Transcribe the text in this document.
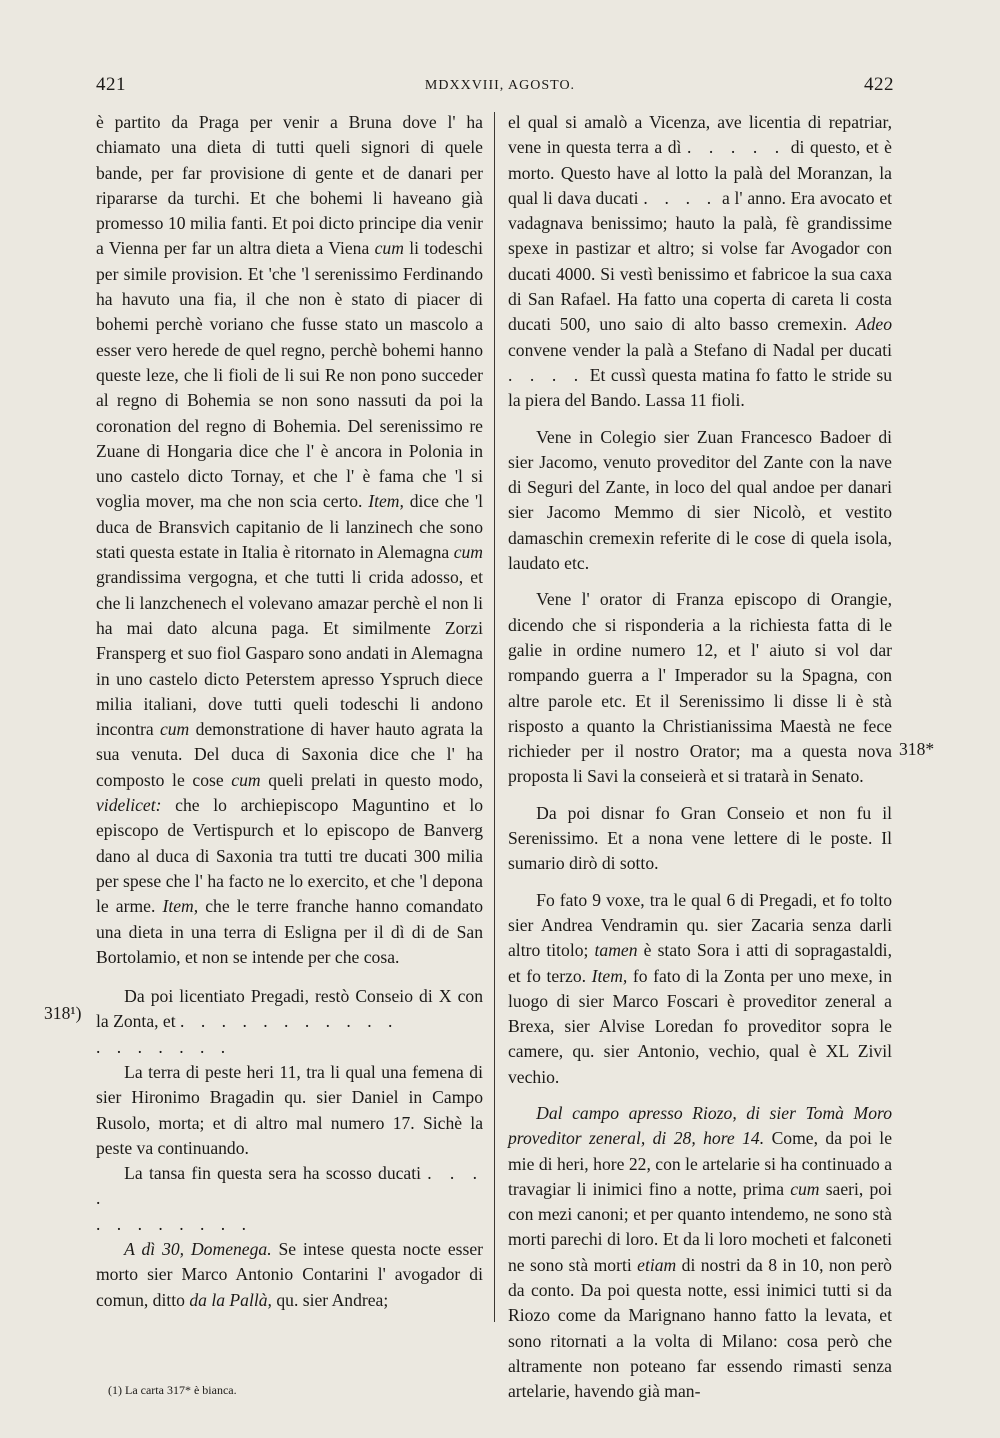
421	MDXXVIII, AGOSTO.	422
318¹)
318*

è partito da Praga per venir a Bruna dove l' ha chiamato una dieta di tutti queli signori di quele bande, per far provisione di gente et de danari per ripararse da turchi. Et che bohemi li haveano già promesso 10 milia fanti. Et poi dicto principe dia venir a Vienna per far un altra dieta a Viena cum li todeschi per simile provision. Et 'che 'l serenissimo Ferdinando ha havuto una fia, il che non è stato di piacer di bohemi perchè voriano che fusse stato un mascolo a esser vero herede de quel regno, perchè bohemi hanno queste leze, che li fioli de li sui Re non pono succeder al regno di Bohemia se non sono nassuti da poi la coronation del regno di Bohemia. Del serenissimo re Zuane di Hongaria dice che l' è ancora in Polonia in uno castelo dicto Tornay, et che l' è fama che 'l si voglia mover, ma che non scia certo. Item, dice che 'l duca de Bransvich capitanio de li lanzinech che sono stati questa estate in Italia è ritornato in Alemagna cum grandissima vergogna, et che tutti li crida adosso, et che li lanzchenech el volevano amazar perchè el non li ha mai dato alcuna paga. Et similmente Zorzi Fransperg et suo fiol Gasparo sono andati in Alemagna in uno castelo dicto Peterstem apresso Yspruch diece milia italiani, dove tutti queli todeschi li andono incontra cum demonstratione di haver hauto agrata la sua venuta. Del duca di Saxonia dice che l' ha composto le cose cum queli prelati in questo modo, videlicet: che lo archiepiscopo Maguntino et lo episcopo de Vertispurch et lo episcopo de Banverg dano al duca di Saxonia tra tutti tre ducati 300 milia per spese che l' ha facto ne lo exercito, et che 'l depona le arme. Item, che le terre franche hanno comandato una dieta in una terra di Esligna per il dì di de San Bortolamio, et non se intende per che cosa.

Da poi licentiato Pregadi, restò Conseio di X con la Zonta, et . . . . . . . . . . .

. . . . . . .

La terra di peste heri 11, tra li qual una femena di sier Hironimo Bragadin qu. sier Daniel in Campo Rusolo, morta; et di altro mal numero 17. Sichè la peste va continuando.

La tansa fin questa sera ha scosso ducati . . . .

. . . . . . . .

A dì 30, Domenega. Se intese questa nocte esser morto sier Marco Antonio Contarini l' avogador di comun, ditto da la Pallà, qu. sier Andrea;

el qual si amalò a Vicenza, ave licentia di repatriar, vene in questa terra a dì . . . . . di questo, et è morto. Questo have al lotto la palà del Moranzan, la qual li dava ducati . . . . a l' anno. Era avocato et vadagnava benissimo; hauto la palà, fè grandissime spexe in pastizar et altro; si volse far Avogador con ducati 4000. Si vestì benissimo et fabricoe la sua caxa di San Rafael. Ha fatto una coperta di careta li costa ducati 500, uno saio di alto basso cremexin. Adeo convene vender la palà a Stefano di Nadal per ducati . . . . Et cussì questa matina fo fatto le stride su la piera del Bando. Lassa 11 fioli.

Vene in Colegio sier Zuan Francesco Badoer di sier Jacomo, venuto proveditor del Zante con la nave di Seguri del Zante, in loco del qual andoe per danari sier Jacomo Memmo di sier Nicolò, et vestito damaschin cremexin referite di le cose di quela isola, laudato etc.

Vene l' orator di Franza episcopo di Orangie, dicendo che si risponderia a la richiesta fatta di le galie in ordine numero 12, et l' aiuto si vol dar rompando guerra a l' Imperador su la Spagna, con altre parole etc. Et il Serenissimo li disse li è stà risposto a quanto la Christianissima Maestà ne fece richieder per il nostro Orator; ma a questa nova proposta li Savi la conseierà et si tratarà in Senato.

Da poi disnar fo Gran Conseio et non fu il Serenissimo. Et a nona vene lettere di le poste. Il sumario dirò di sotto.

Fo fato 9 voxe, tra le qual 6 di Pregadi, et fo tolto sier Andrea Vendramin qu. sier Zacaria senza darli altro titolo; tamen è stato Sora i atti di sopragastaldi, et fo terzo. Item, fo fato di la Zonta per uno mexe, in luogo di sier Marco Foscari è proveditor zeneral a Brexa, sier Alvise Loredan fo proveditor sopra le camere, qu. sier Antonio, vechio, qual è XL Zivil vechio.

Dal campo apresso Riozo, di sier Tomà Moro proveditor zeneral, di 28, hore 14. Come, da poi le mie di heri, hore 22, con le artelarie si ha continuado a travagiar li inimici fino a notte, prima cum saeri, poi con mezi canoni; et per quanto intendemo, ne sono stà morti parechi di loro. Et da li loro mocheti et falconeti ne sono stà morti etiam di nostri da 8 in 10, non però da conto. Da poi questa notte, essi inimici tutti si da Riozo come da Marignano hanno fatto la levata, et sono ritornati a la volta di Milano: cosa però che altramente non poteano far essendo rimasti senza artelarie, havendo già man-

(1) La carta 317* è bianca.
